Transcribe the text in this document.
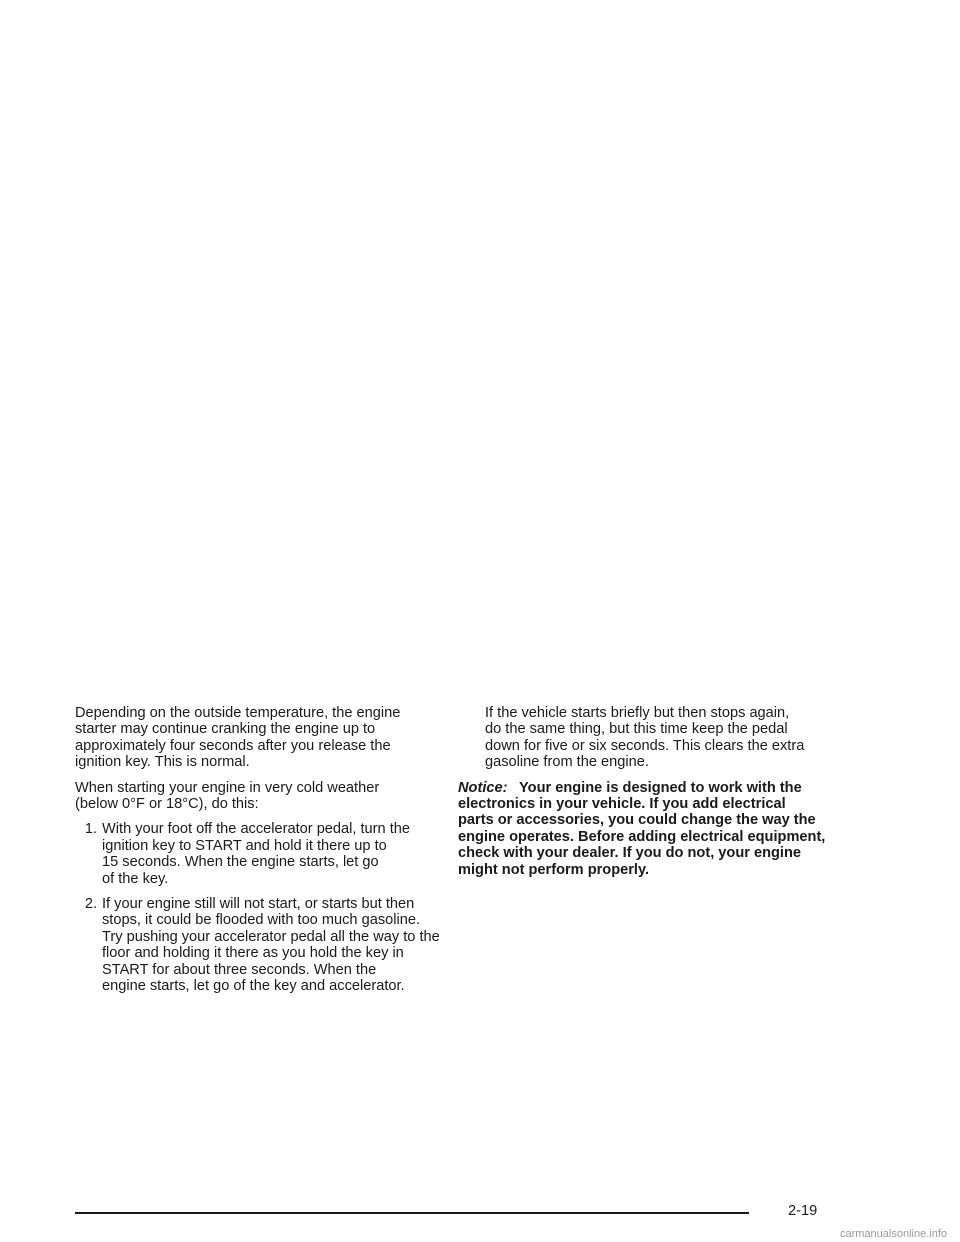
Depending on the outside temperature, the engine
starter may continue cranking the engine up to
approximately four seconds after you release the
ignition key. This is normal.

When starting your engine in very cold weather
(below 0°F or 18°C), do this:

1. With your foot off the accelerator pedal, turn the
ignition key to START and hold it there up to
15 seconds. When the engine starts, let go
of the key.
2. If your engine still will not start, or starts but then
stops, it could be flooded with too much gasoline.
Try pushing your accelerator pedal all the way to the
floor and holding it there as you hold the key in
START for about three seconds. When the
engine starts, let go of the key and accelerator.
If the vehicle starts briefly but then stops again,
do the same thing, but this time keep the pedal
down for five or six seconds. This clears the extra
gasoline from the engine.

Notice: Your engine is designed to work with the
electronics in your vehicle. If you add electrical
parts or accessories, you could change the way the
engine operates. Before adding electrical equipment,
check with your dealer. If you do not, your engine
might not perform properly.

2-19
carmanualsonline.info
